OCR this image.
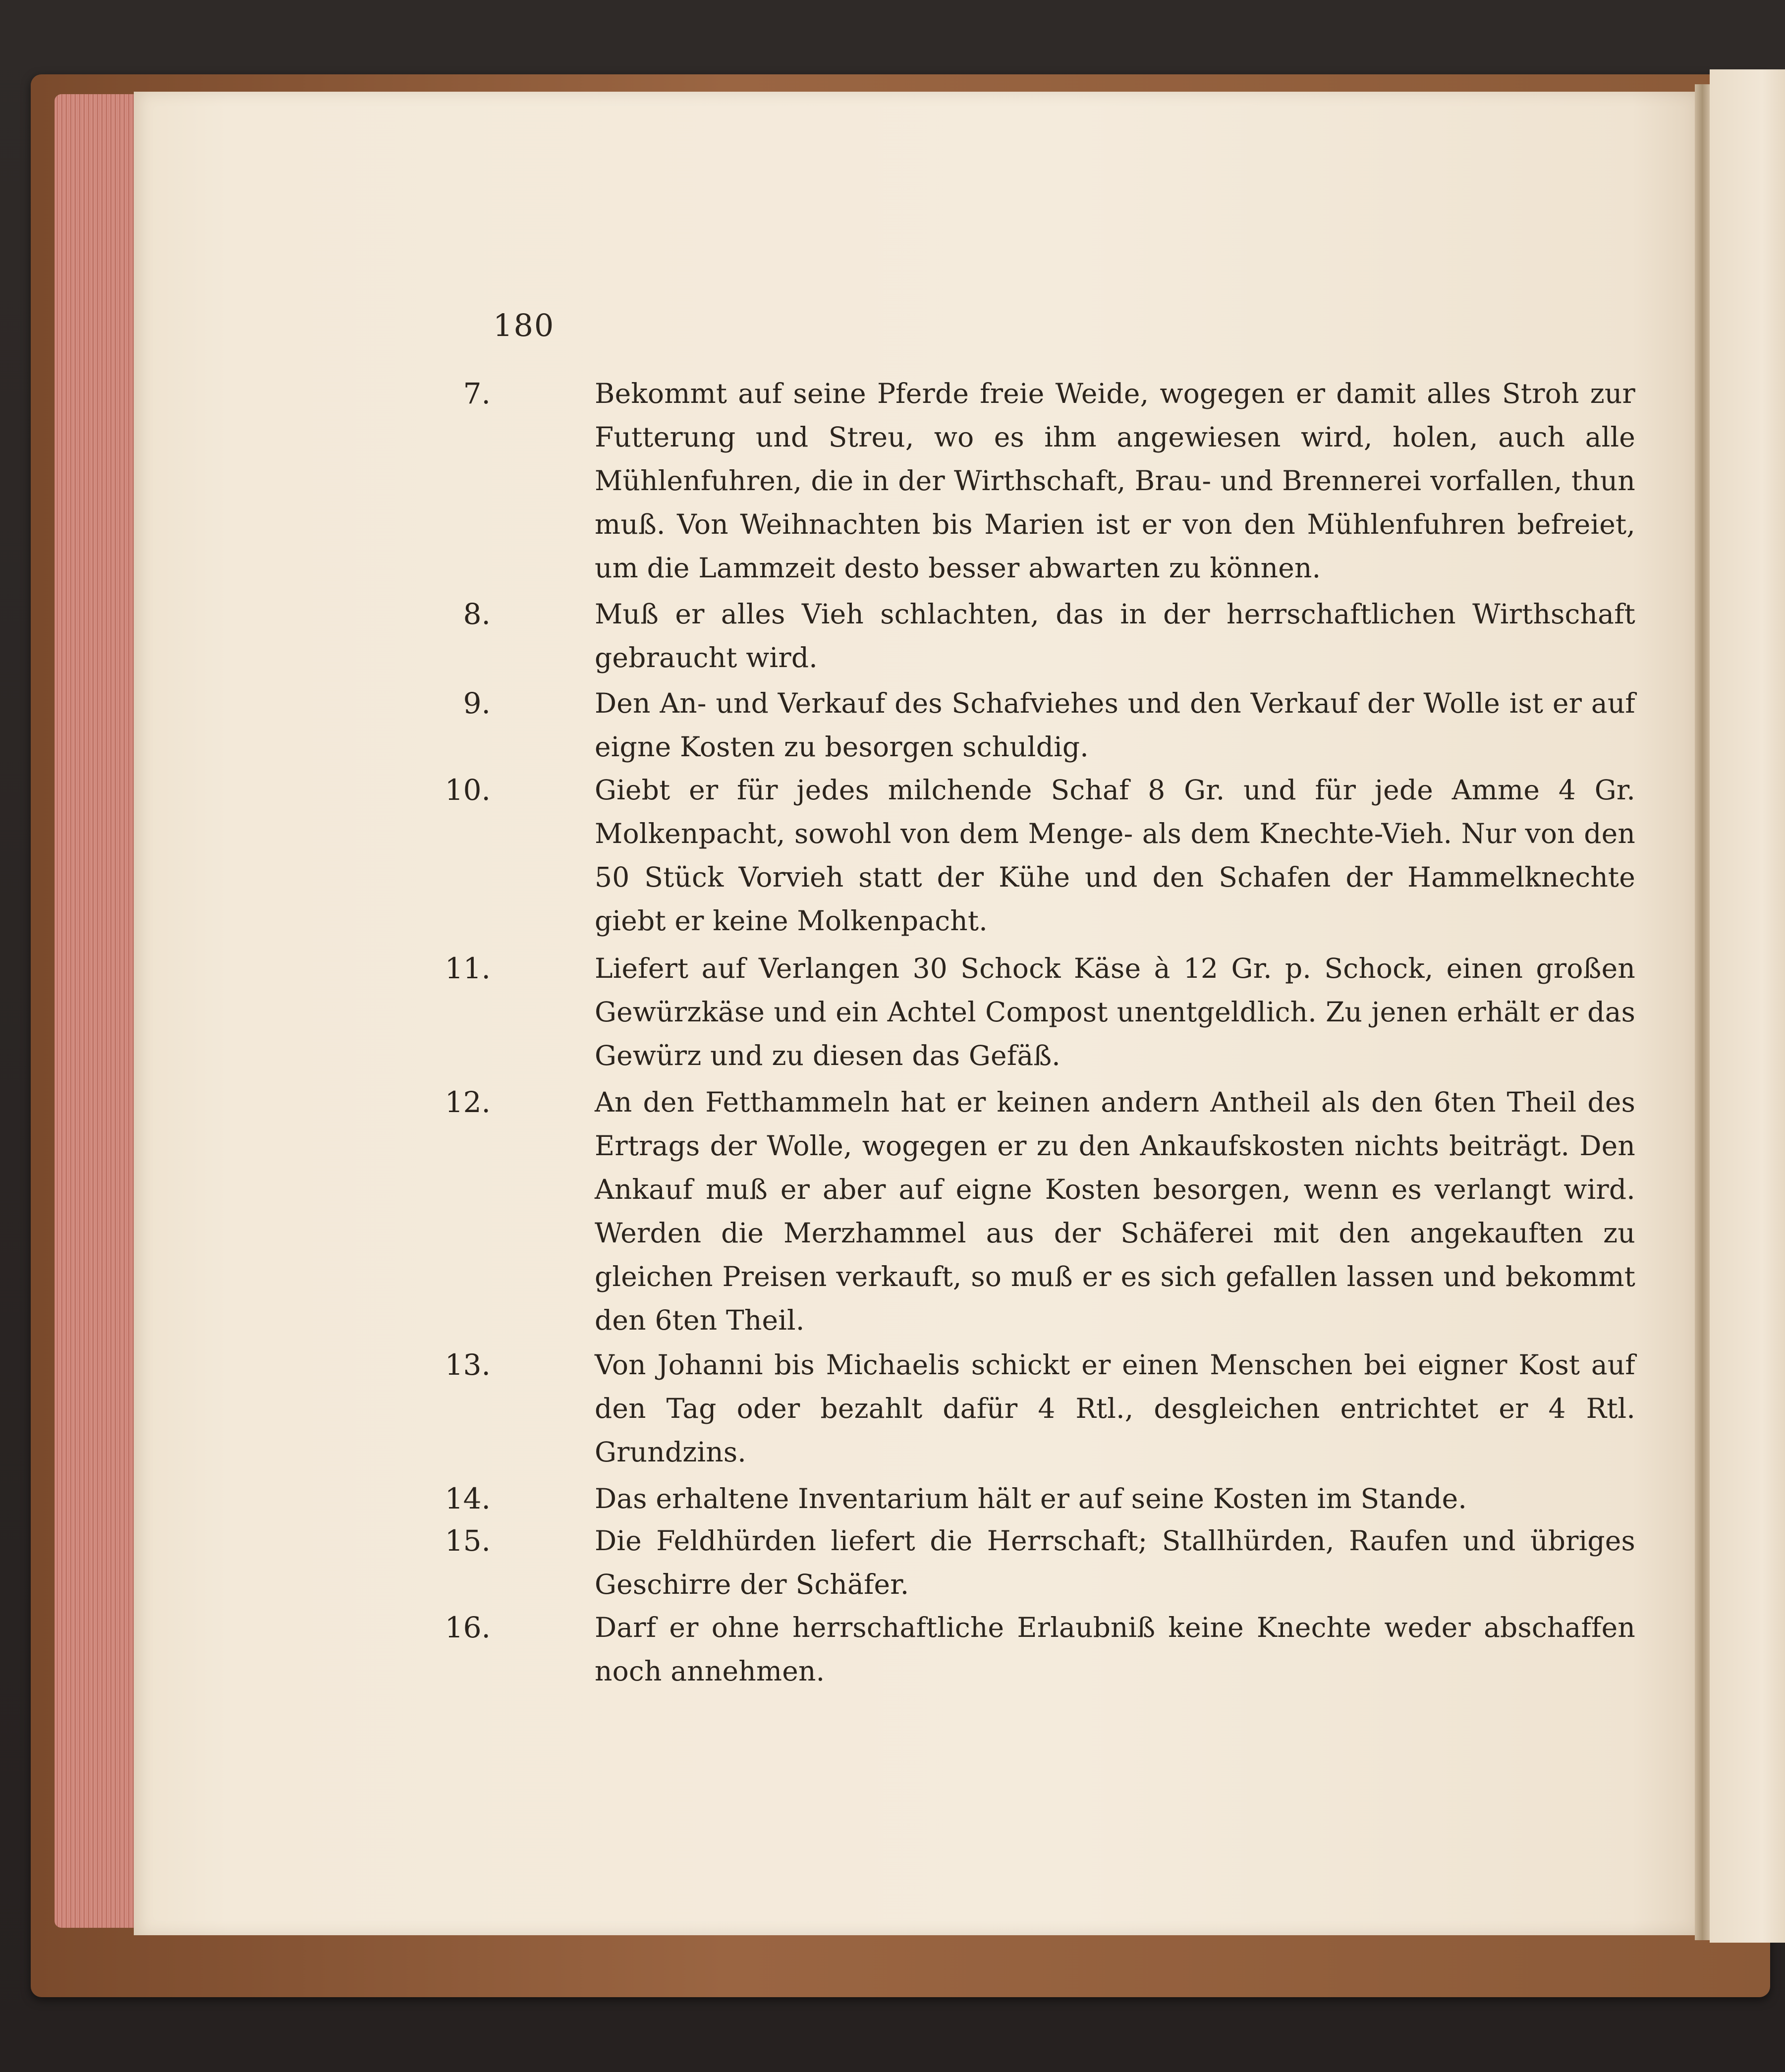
180
7.	Bekommt auf seine Pferde freie Weide, wogegen er damit alles Stroh zur Futterung und Streu, wo es ihm angewiesen wird, holen, auch alle Mühlenfuhren, die in der Wirthschaft, Brau- und Brennerei vorfallen, thun muß. Von Weihnachten bis Marien ist er von den Mühlenfuhren befreiet, um die Lammzeit desto besser abwarten zu können.
8.	Muß er alles Vieh schlachten, das in der herrschaftlichen Wirthschaft gebraucht wird.
9.	Den An- und Verkauf des Schafviehes und den Verkauf der Wolle ist er auf eigne Kosten zu besorgen schuldig.
10.	Giebt er für jedes milchende Schaf 8 Gr. und für jede Amme 4 Gr. Molkenpacht, sowohl von dem Menge- als dem Knechte-Vieh. Nur von den 50 Stück Vorvieh statt der Kühe und den Schafen der Hammelknechte giebt er keine Molkenpacht.
11.	Liefert auf Verlangen 30 Schock Käse à 12 Gr. p. Schock, einen großen Gewürzkäse und ein Achtel Compost unentgeldlich. Zu jenen erhält er das Gewürz und zu diesen das Gefäß.
12.	An den Fetthammeln hat er keinen andern Antheil als den 6ten Theil des Ertrags der Wolle, wogegen er zu den Ankaufskosten nichts beiträgt. Den Ankauf muß er aber auf eigne Kosten besorgen, wenn es verlangt wird. Werden die Merzhammel aus der Schäferei mit den angekauften zu gleichen Preisen verkauft, so muß er es sich gefallen lassen und bekommt den 6ten Theil.
13.	Von Johanni bis Michaelis schickt er einen Menschen bei eigner Kost auf den Tag oder bezahlt dafür 4 Rtl., desgleichen entrichtet er 4 Rtl. Grundzins.
14.	Das erhaltene Inventarium hält er auf seine Kosten im Stande.
15.	Die Feldhürden liefert die Herrschaft; Stallhürden, Raufen und übriges Geschirre der Schäfer.
16.	Darf er ohne herrschaftliche Erlaubniß keine Knechte weder abschaffen noch annehmen.
